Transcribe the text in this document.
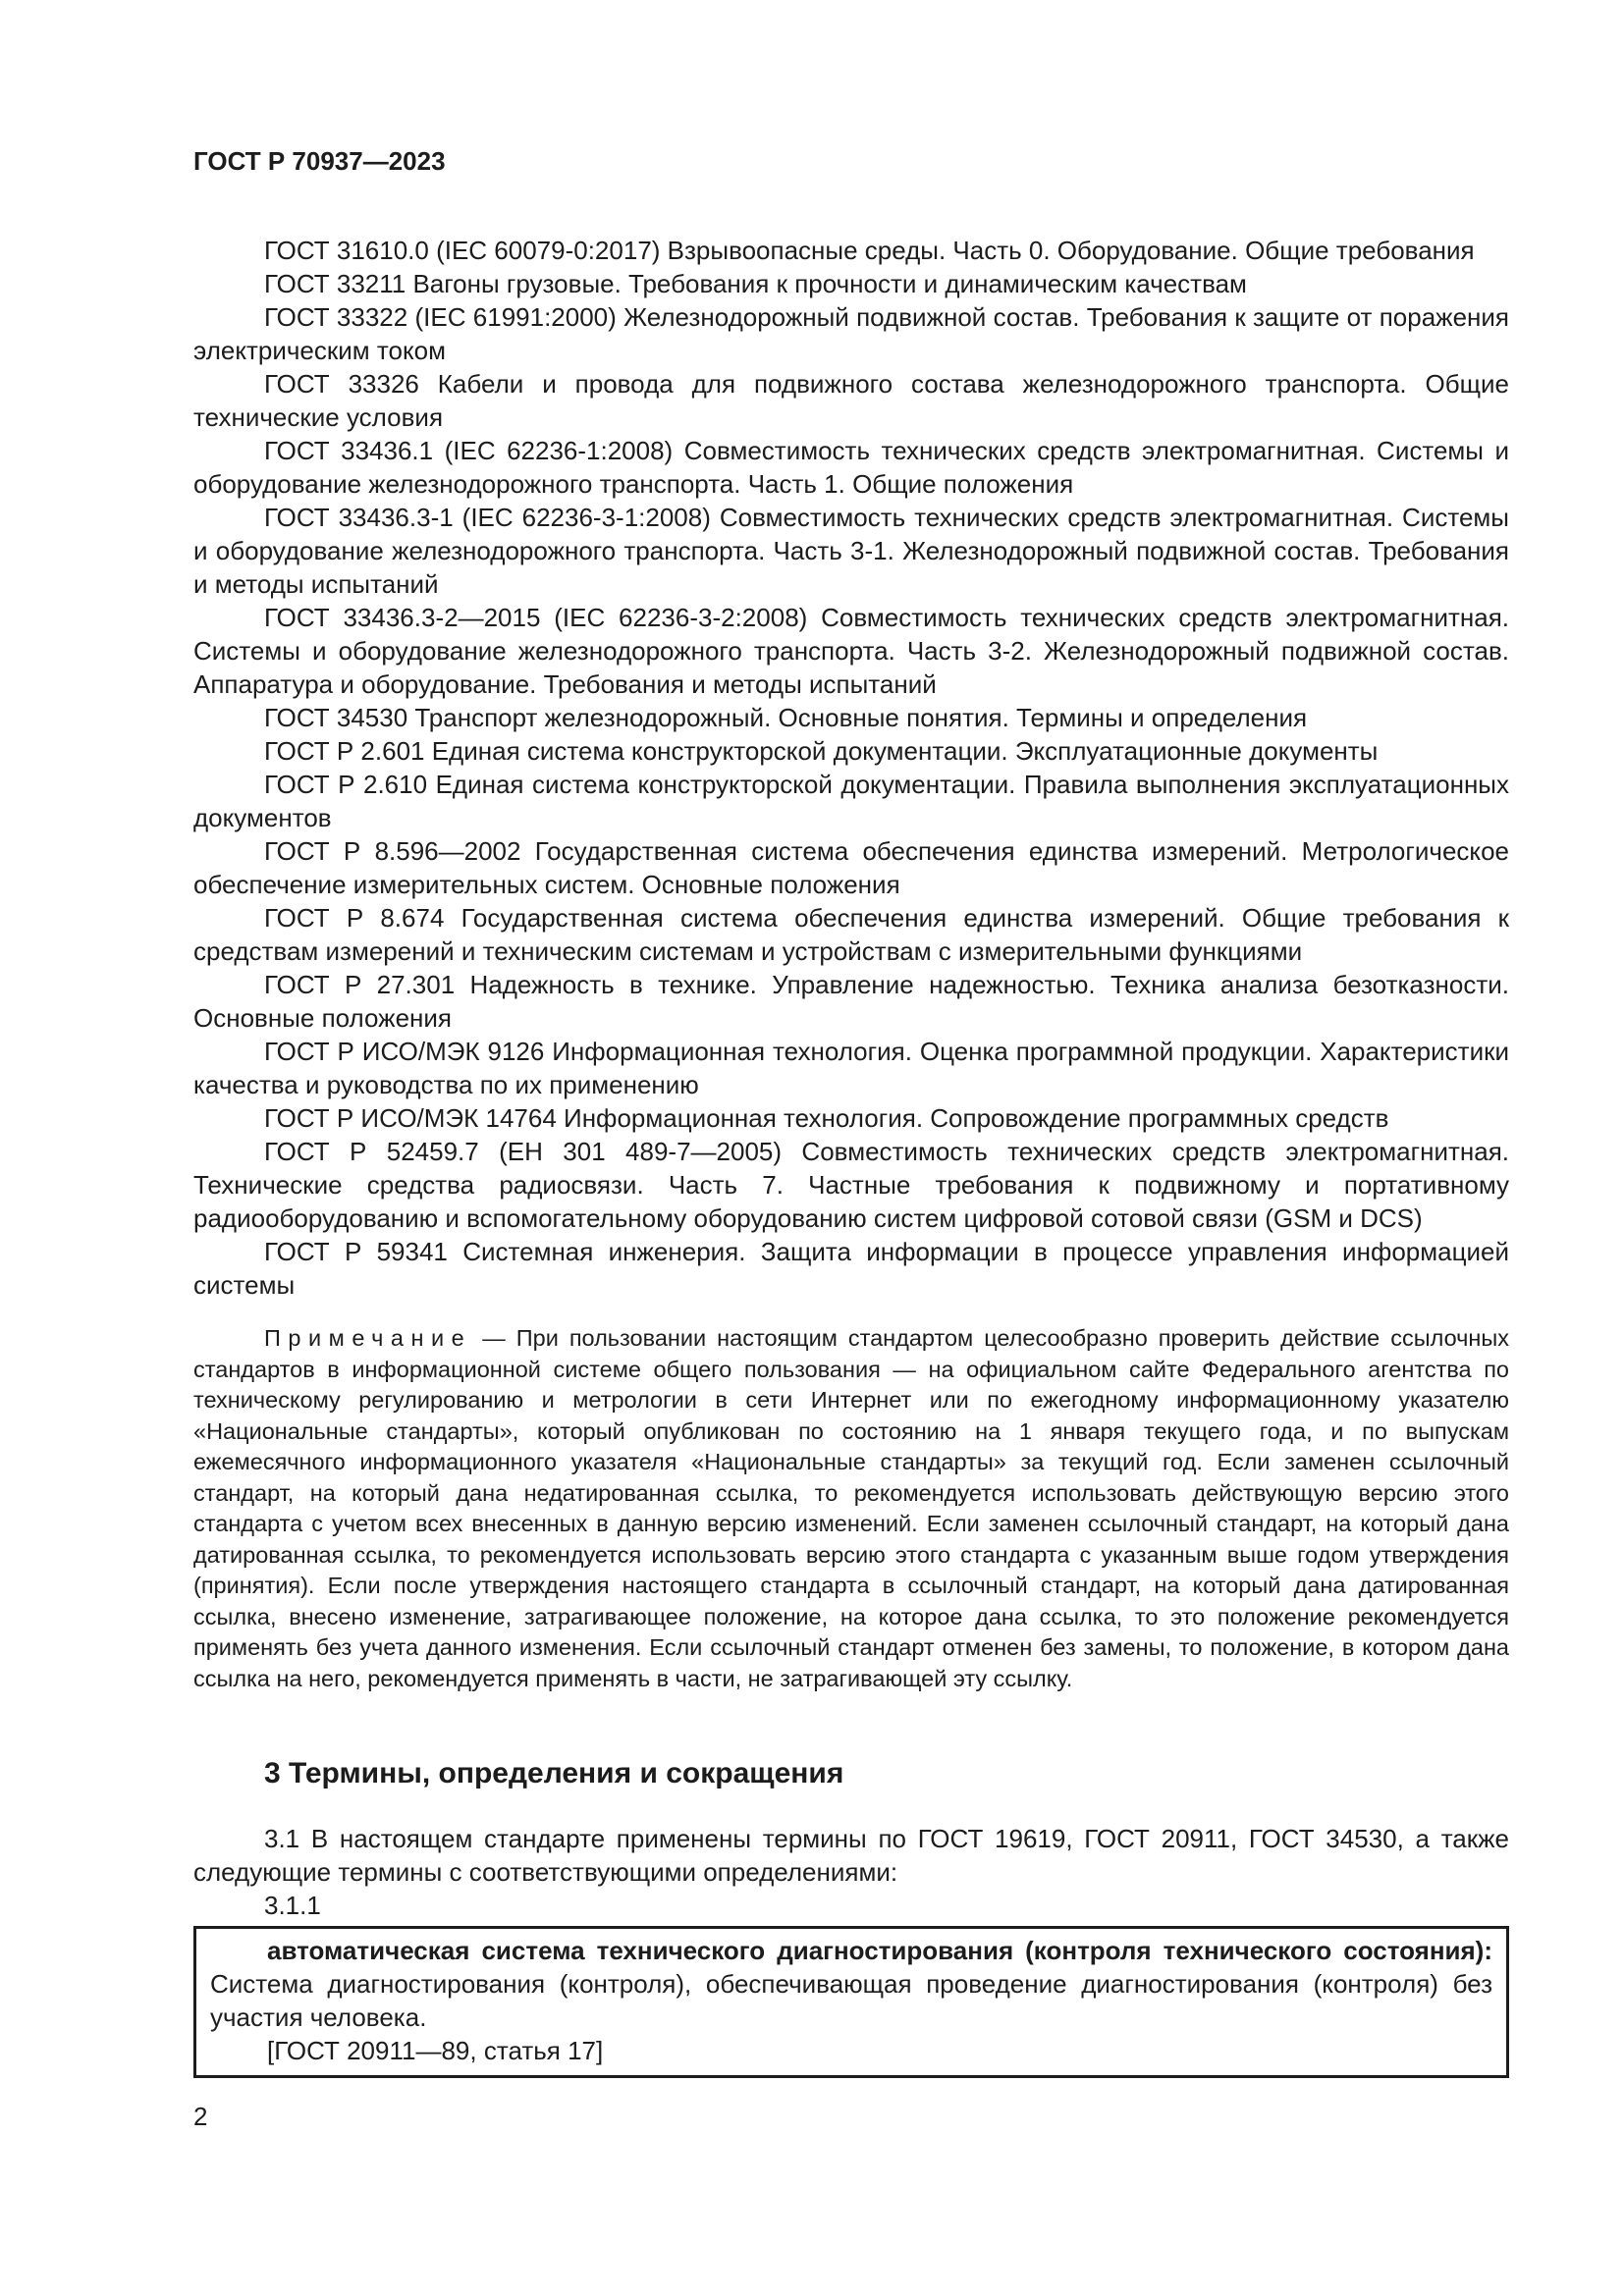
ГОСТ Р 70937—2023

ГОСТ 31610.0 (IEC 60079-0:2017) Взрывоопасные среды. Часть 0. Оборудование. Общие требования

ГОСТ 33211 Вагоны грузовые. Требования к прочности и динамическим качествам

ГОСТ 33322 (IEC 61991:2000) Железнодорожный подвижной состав. Требования к защите от поражения электрическим током

ГОСТ 33326 Кабели и провода для подвижного состава железнодорожного транспорта. Общие технические условия

ГОСТ 33436.1 (IEC 62236-1:2008) Совместимость технических средств электромагнитная. Системы и оборудование железнодорожного транспорта. Часть 1. Общие положения

ГОСТ 33436.3-1 (IEC 62236-3-1:2008) Совместимость технических средств электромагнитная. Системы и оборудование железнодорожного транспорта. Часть 3-1. Железнодорожный подвижной состав. Требования и методы испытаний

ГОСТ 33436.3-2—2015 (IEC 62236-3-2:2008) Совместимость технических средств электромагнитная. Системы и оборудование железнодорожного транспорта. Часть 3-2. Железнодорожный подвижной состав. Аппаратура и оборудование. Требования и методы испытаний

ГОСТ 34530 Транспорт железнодорожный. Основные понятия. Термины и определения

ГОСТ Р 2.601 Единая система конструкторской документации. Эксплуатационные документы

ГОСТ Р 2.610 Единая система конструкторской документации. Правила выполнения эксплуатационных документов

ГОСТ Р 8.596—2002 Государственная система обеспечения единства измерений. Метрологическое обеспечение измерительных систем. Основные положения

ГОСТ Р 8.674 Государственная система обеспечения единства измерений. Общие требования к средствам измерений и техническим системам и устройствам с измерительными функциями

ГОСТ Р 27.301 Надежность в технике. Управление надежностью. Техника анализа безотказности. Основные положения

ГОСТ Р ИСО/МЭК 9126 Информационная технология. Оценка программной продукции. Характеристики качества и руководства по их применению

ГОСТ Р ИСО/МЭК 14764 Информационная технология. Сопровождение программных средств

ГОСТ Р 52459.7 (ЕН 301 489-7—2005) Совместимость технических средств электромагнитная. Технические средства радиосвязи. Часть 7. Частные требования к подвижному и портативному радиооборудованию и вспомогательному оборудованию систем цифровой сотовой связи (GSM и DCS)

ГОСТ Р 59341 Системная инженерия. Защита информации в процессе управления информацией системы

Примечание — При пользовании настоящим стандартом целесообразно проверить действие ссылочных стандартов в информационной системе общего пользования — на официальном сайте Федерального агентства по техническому регулированию и метрологии в сети Интернет или по ежегодному информационному указателю «Национальные стандарты», который опубликован по состоянию на 1 января текущего года, и по выпускам ежемесячного информационного указателя «Национальные стандарты» за текущий год. Если заменен ссылочный стандарт, на который дана недатированная ссылка, то рекомендуется использовать действующую версию этого стандарта с учетом всех внесенных в данную версию изменений. Если заменен ссылочный стандарт, на который дана датированная ссылка, то рекомендуется использовать версию этого стандарта с указанным выше годом утверждения (принятия). Если после утверждения настоящего стандарта в ссылочный стандарт, на который дана датированная ссылка, внесено изменение, затрагивающее положение, на которое дана ссылка, то это положение рекомендуется применять без учета данного изменения. Если ссылочный стандарт отменен без замены, то положение, в котором дана ссылка на него, рекомендуется применять в части, не затрагивающей эту ссылку.

3 Термины, определения и сокращения

3.1 В настоящем стандарте применены термины по ГОСТ 19619, ГОСТ 20911, ГОСТ 34530, а также следующие термины с соответствующими определениями:

3.1.1

автоматическая система технического диагностирования (контроля технического состояния): Система диагностирования (контроля), обеспечивающая проведение диагностирования (контроля) без участия человека.

[ГОСТ 20911—89, статья 17]

2
